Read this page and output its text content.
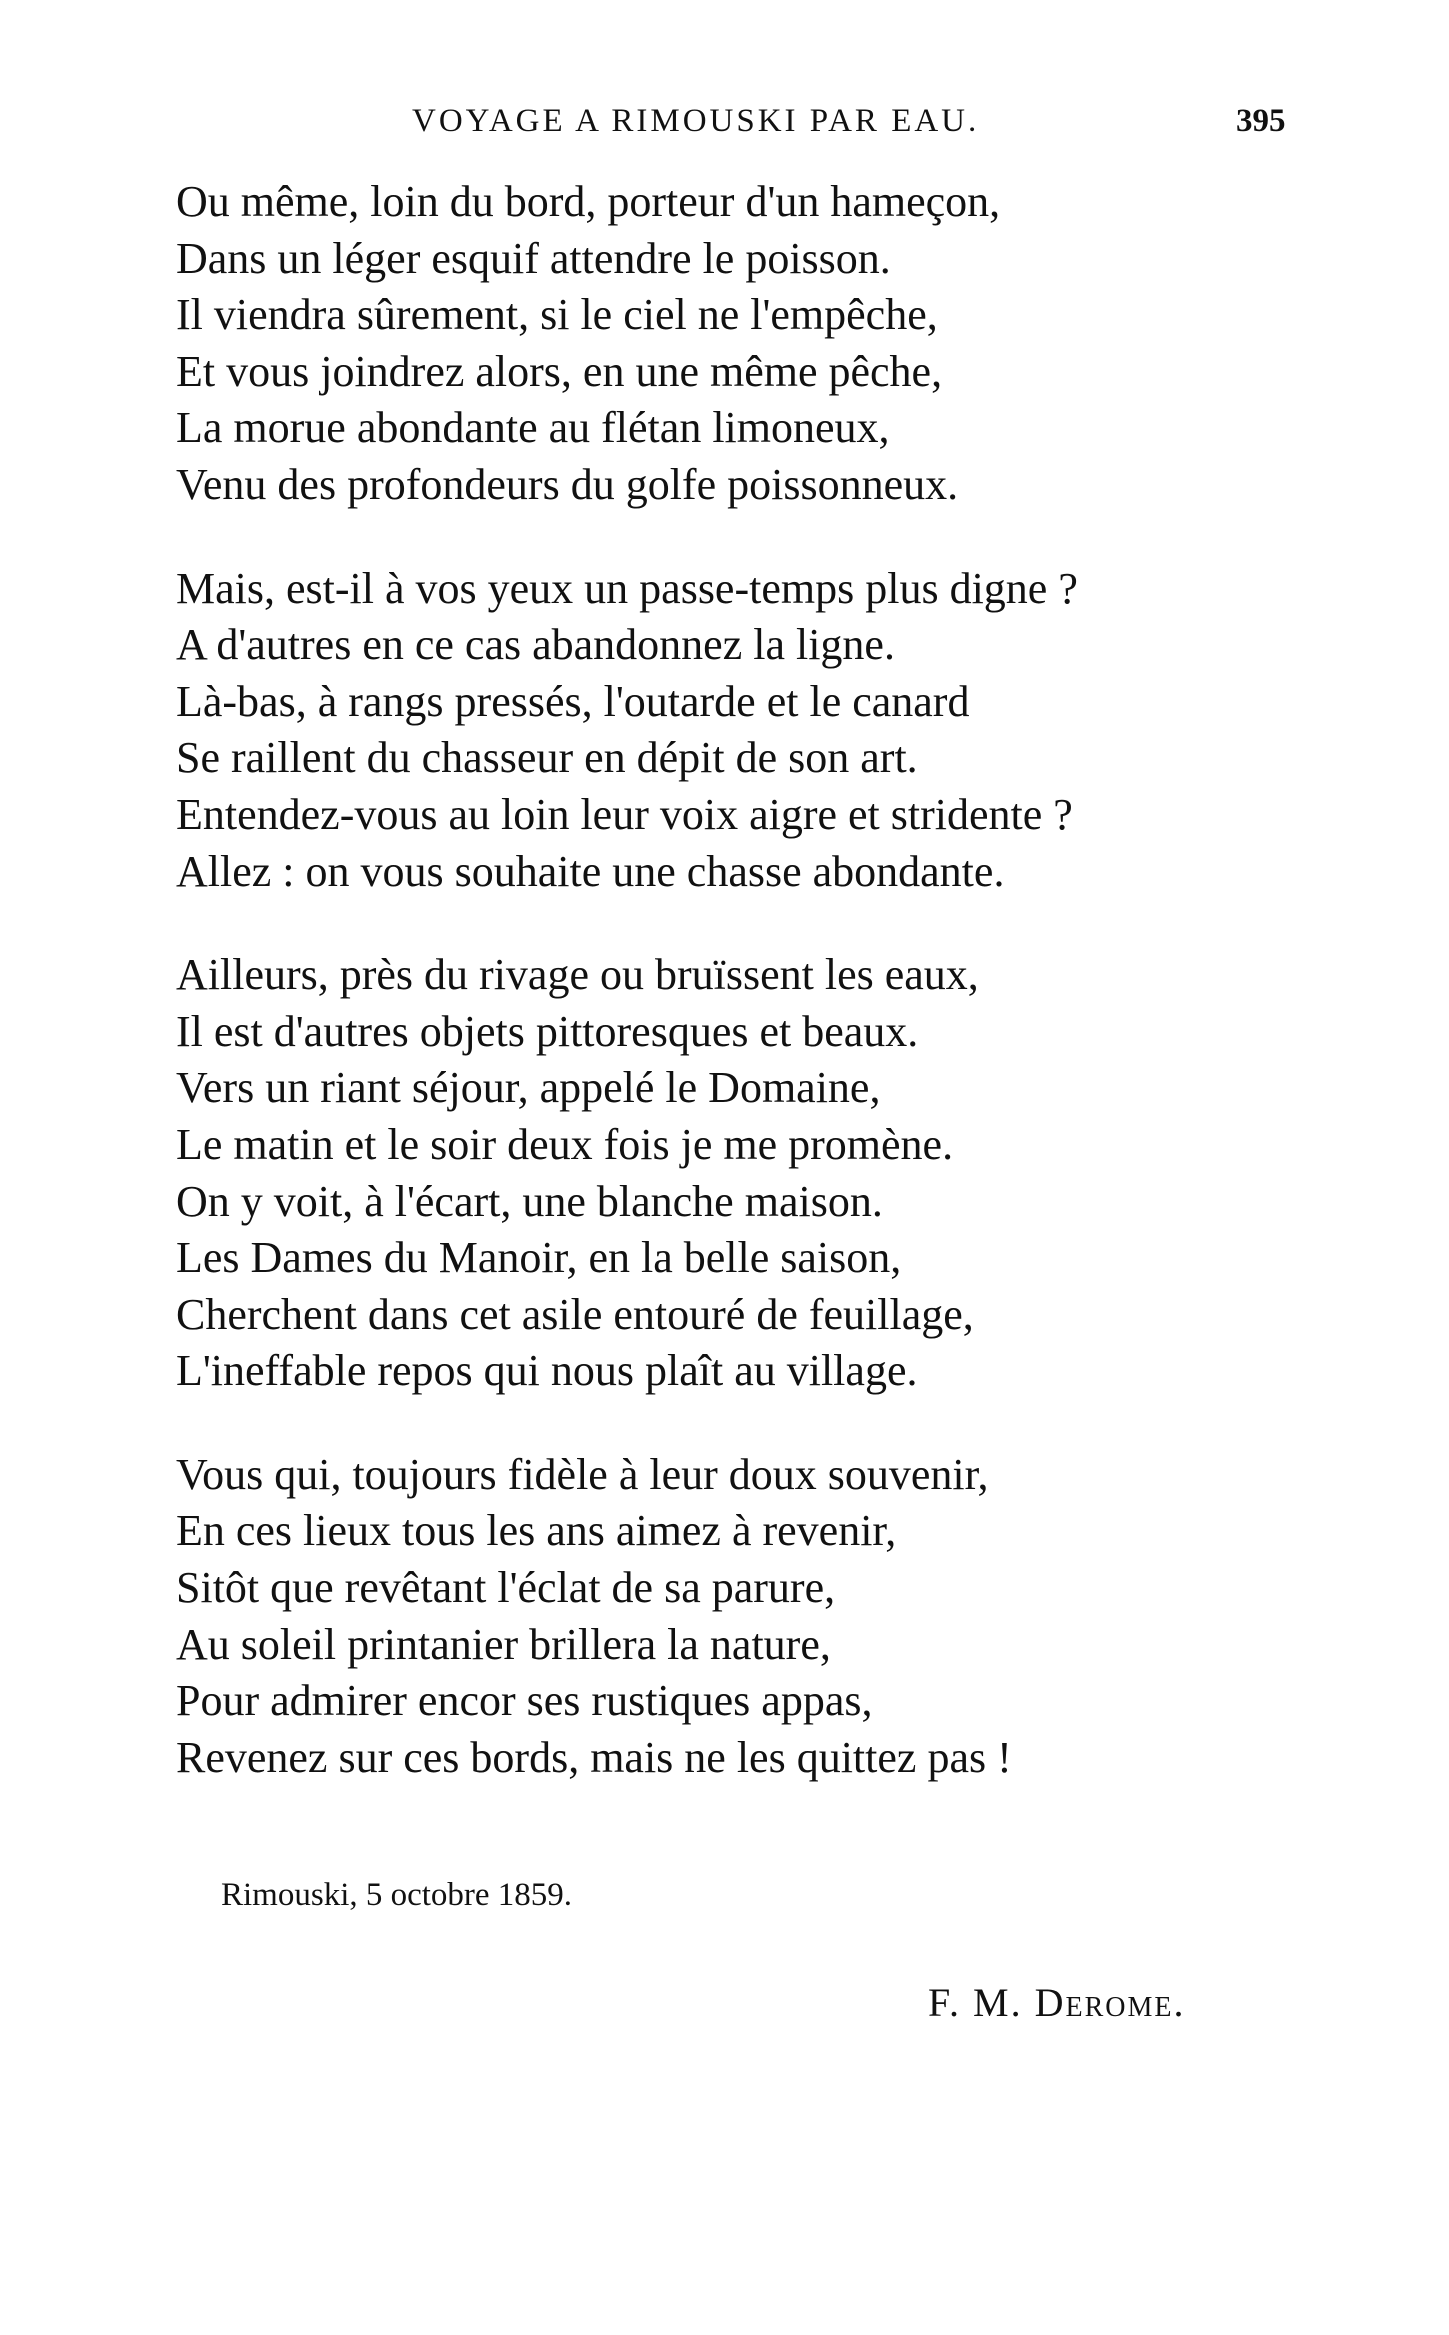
VOYAGE A RIMOUSKI PAR EAU.	395
Ou même, loin du bord, porteur d'un hameçon,
Dans un léger esquif attendre le poisson.
Il viendra sûrement, si le ciel ne l'empêche,
Et vous joindrez alors, en une même pêche,
La morue abondante au flétan limoneux,
Venu des profondeurs du golfe poissonneux.
Mais, est-il à vos yeux un passe-temps plus digne ?
A d'autres en ce cas abandonnez la ligne.
Là-bas, à rangs pressés, l'outarde et le canard
Se raillent du chasseur en dépit de son art.
Entendez-vous au loin leur voix aigre et stridente ?
Allez : on vous souhaite une chasse abondante.
Ailleurs, près du rivage ou bruïssent les eaux,
Il est d'autres objets pittoresques et beaux.
Vers un riant séjour, appelé le Domaine,
Le matin et le soir deux fois je me promène.
On y voit, à l'écart, une blanche maison.
Les Dames du Manoir, en la belle saison,
Cherchent dans cet asile entouré de feuillage,
L'ineffable repos qui nous plaît au village.
Vous qui, toujours fidèle à leur doux souvenir,
En ces lieux tous les ans aimez à revenir,
Sitôt que revêtant l'éclat de sa parure,
Au soleil printanier brillera la nature,
Pour admirer encor ses rustiques appas,
Revenez sur ces bords, mais ne les quittez pas !
Rimouski, 5 octobre 1859.
F. M. Derome.
